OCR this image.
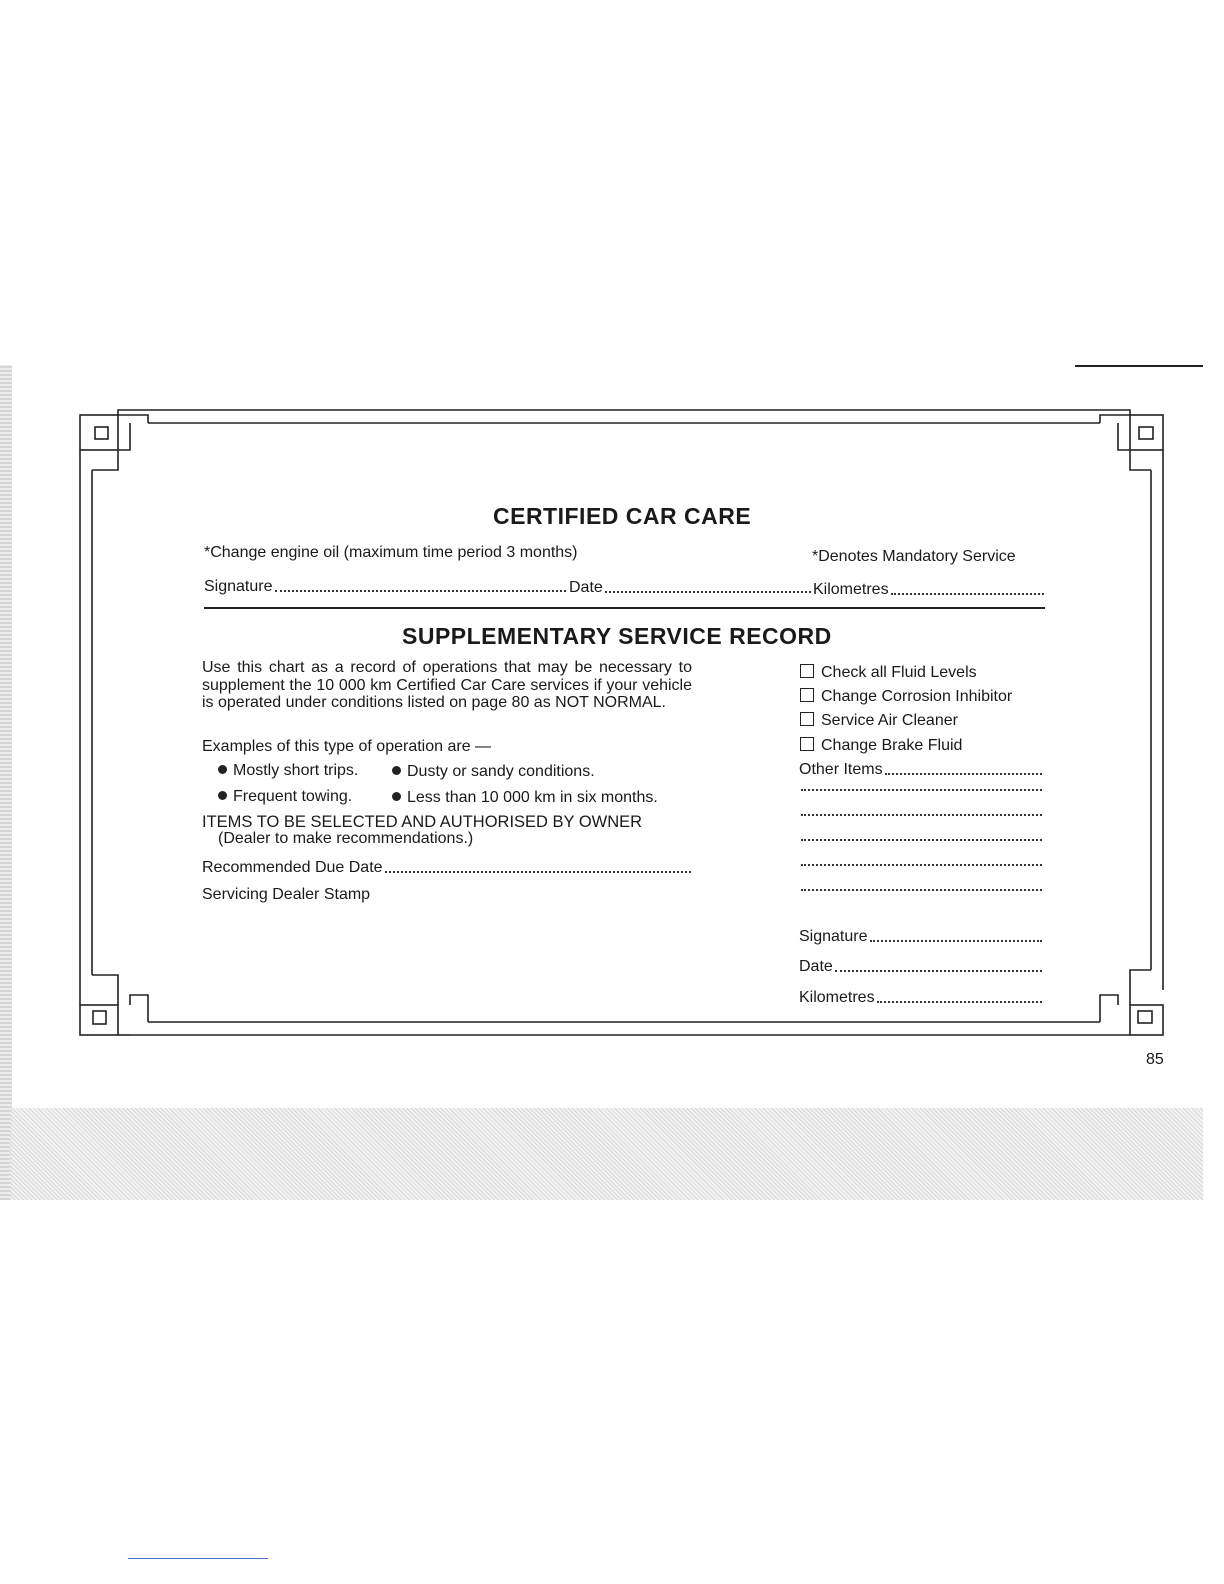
CERTIFIED CAR CARE
*Change engine oil (maximum time period 3 months)	*Denotes Mandatory Service
Signature	Date	Kilometres
SUPPLEMENTARY SERVICE RECORD
Use this chart as a record of operations that may be necessary to supplement the 10 000 km Certified Car Care services if your vehicle is operated under conditions listed on page 80 as NOT NORMAL.
Examples of this type of operation are —
Mostly short trips.	Dusty or sandy conditions.
Frequent towing.	Less than 10 000 km in six months.
ITEMS TO BE SELECTED AND AUTHORISED BY OWNER
(Dealer to make recommendations.)
Recommended Due Date
Servicing Dealer Stamp
Check all Fluid Levels
Change Corrosion Inhibitor
Service Air Cleaner
Change Brake Fluid
Other Items
Signature
Date
Kilometres
85
